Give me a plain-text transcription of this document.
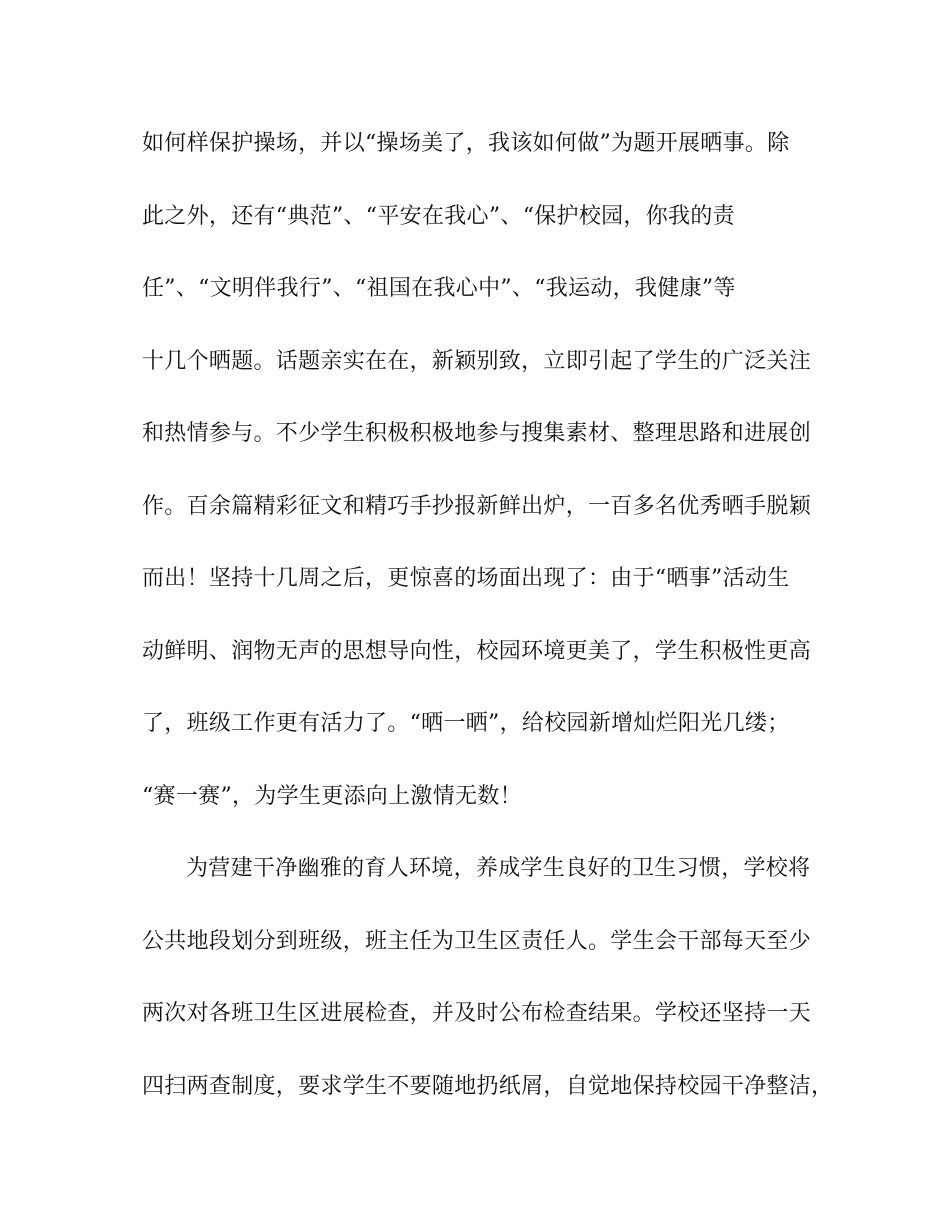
如何样保护操场，并以“操场美了，我该如何做”为题开展晒事。除
此之外，还有“典范”、“平安在我心”、“保护校园，你我的责
任”、“文明伴我行”、“祖国在我心中”、“我运动，我健康”等
十几个晒题。话题亲实在在，新颖别致，立即引起了学生的广泛关注
和热情参与。不少学生积极积极地参与搜集素材、整理思路和进展创
作。百余篇精彩征文和精巧手抄报新鲜出炉，一百多名优秀晒手脱颖
而出！坚持十几周之后，更惊喜的场面出现了：由于“晒事”活动生
动鲜明、润物无声的思想导向性，校园环境更美了，学生积极性更高
了，班级工作更有活力了。“晒一晒”，给校园新增灿烂阳光几缕；
“赛一赛”，为学生更添向上激情无数！
为营建干净幽雅的育人环境，养成学生良好的卫生习惯，学校将
公共地段划分到班级，班主任为卫生区责任人。学生会干部每天至少
两次对各班卫生区进展检查，并及时公布检查结果。学校还坚持一天
四扫两查制度，要求学生不要随地扔纸屑，自觉地保持校园干净整洁，
